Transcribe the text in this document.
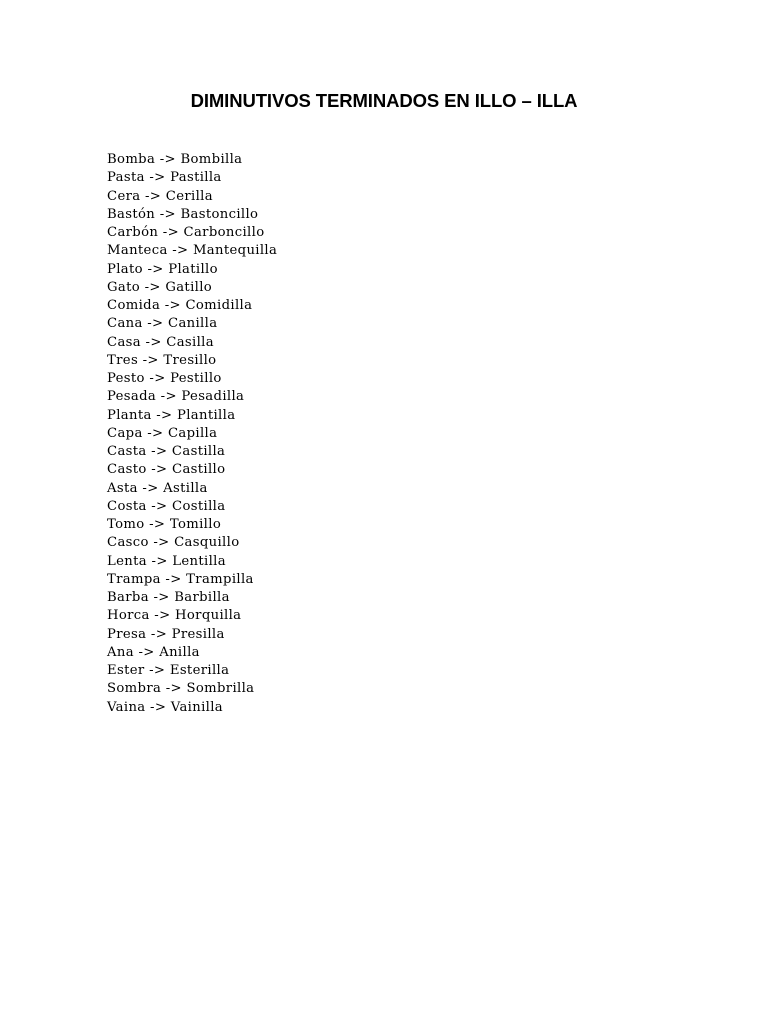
DIMINUTIVOS TERMINADOS EN ILLO – ILLA
Bomba -> Bombilla
Pasta -> Pastilla
Cera -> Cerilla
Bastón -> Bastoncillo
Carbón -> Carboncillo
Manteca -> Mantequilla
Plato -> Platillo
Gato -> Gatillo
Comida -> Comidilla
Cana -> Canilla
Casa -> Casilla
Tres -> Tresillo
Pesto -> Pestillo
Pesada -> Pesadilla
Planta -> Plantilla
Capa -> Capilla
Casta -> Castilla
Casto -> Castillo
Asta -> Astilla
Costa -> Costilla
Tomo -> Tomillo
Casco -> Casquillo
Lenta -> Lentilla
Trampa -> Trampilla
Barba -> Barbilla
Horca -> Horquilla
Presa -> Presilla
Ana -> Anilla
Ester -> Esterilla
Sombra -> Sombrilla
Vaina -> Vainilla
